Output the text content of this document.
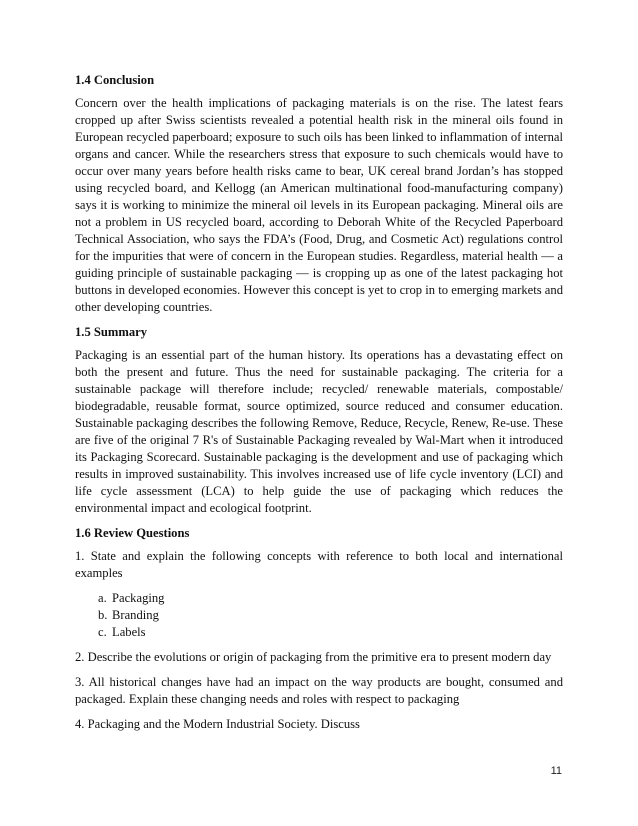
1.4 Conclusion

Concern over the health implications of packaging materials is on the rise. The latest fears cropped up after Swiss scientists revealed a potential health risk in the mineral oils found in European recycled paperboard; exposure to such oils has been linked to inflammation of internal organs and cancer. While the researchers stress that exposure to such chemicals would have to occur over many years before health risks came to bear, UK cereal brand Jordan’s has stopped using recycled board, and Kellogg (an American multinational food-manufacturing company) says it is working to minimize the mineral oil levels in its European packaging. Mineral oils are not a problem in US recycled board, according to Deborah White of the Recycled Paperboard Technical Association, who says the FDA’s (Food, Drug, and Cosmetic Act) regulations control for the impurities that were of concern in the European studies. Regardless, material health — a guiding principle of sustainable packaging — is cropping up as one of the latest packaging hot buttons in developed economies. However this concept is yet to crop in to emerging markets and other developing countries.

1.5 Summary

Packaging is an essential part of the human history. Its operations has a devastating effect on both the present and future. Thus the need for sustainable packaging. The criteria for a sustainable package will therefore include; recycled/ renewable materials, compostable/ biodegradable, reusable format, source optimized, source reduced and consumer education. Sustainable packaging describes the following Remove, Reduce, Recycle, Renew, Re-use. These are five of the original 7 R's of Sustainable Packaging revealed by Wal-Mart when it introduced its Packaging Scorecard. Sustainable packaging is the development and use of packaging which results in improved sustainability. This involves increased use of life cycle inventory (LCI) and life cycle assessment (LCA) to help guide the use of packaging which reduces the environmental impact and ecological footprint.

1.6 Review Questions

1. State and explain the following concepts with reference to both local and international examples

a. Packaging
b. Branding
c. Labels

2. Describe the evolutions or origin of packaging from the primitive era to present modern day

3. All historical changes have had an impact on the way products are bought, consumed and packaged. Explain these changing needs and roles with respect to packaging

4. Packaging and the Modern Industrial Society. Discuss

11
